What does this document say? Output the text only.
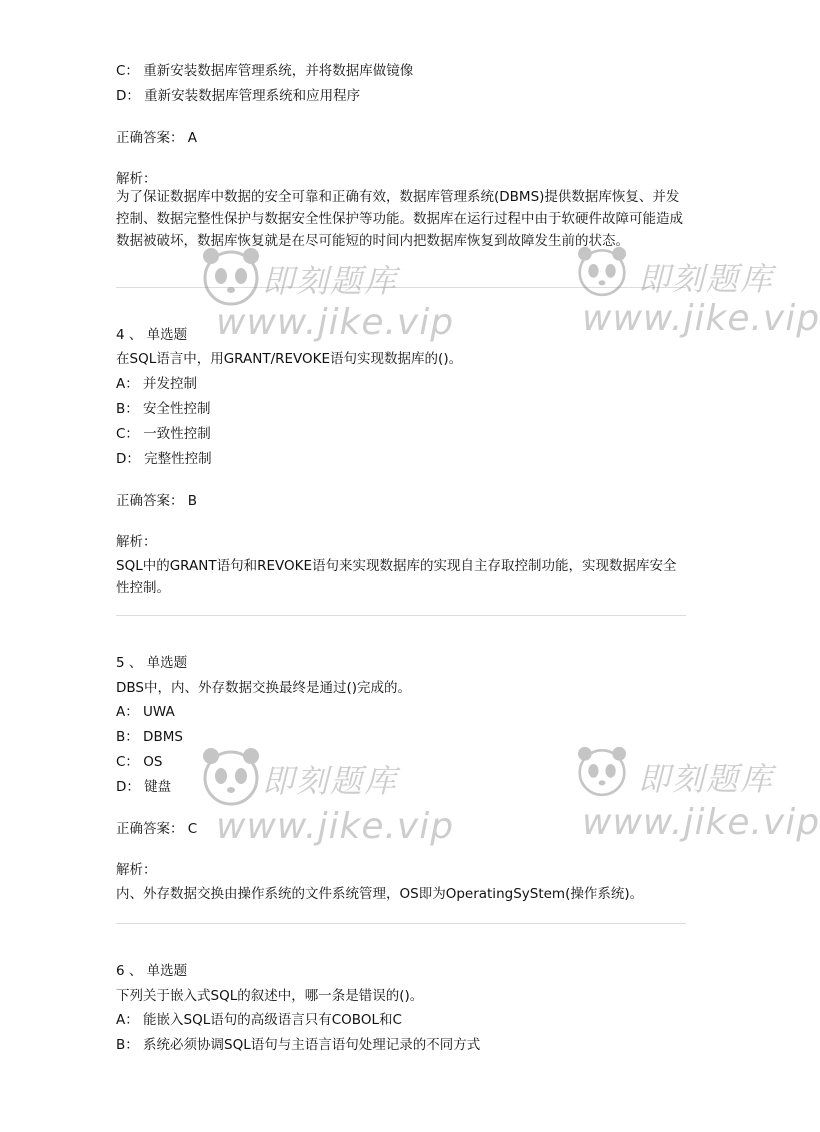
C： 重新安装数据库管理系统，并将数据库做镜像
D： 重新安装数据库管理系统和应用程序
正确答案： A
解析：
为了保证数据库中数据的安全可靠和正确有效，数据库管理系统(DBMS)提供数据库恢复、并发控制、数据完整性保护与数据安全性保护等功能。数据库在运行过程中由于软硬件故障可能造成数据被破坏，数据库恢复就是在尽可能短的时间内把数据库恢复到故障发生前的状态。
4 、 单选题
在SQL语言中，用GRANT/REVOKE语句实现数据库的()。
A： 并发控制
B： 安全性控制
C： 一致性控制
D： 完整性控制
正确答案： B
解析：
SQL中的GRANT语句和REVOKE语句来实现数据库的实现自主存取控制功能，实现数据库安全性控制。
5 、 单选题
DBS中，内、外存数据交换最终是通过()完成的。
A： UWA
B： DBMS
C： OS
D： 键盘
正确答案： C
解析：
内、外存数据交换由操作系统的文件系统管理，OS即为OperatingSyStem(操作系统)。
6 、 单选题
下列关于嵌入式SQL的叙述中，哪一条是错误的()。
A： 能嵌入SQL语句的高级语言只有COBOL和C
B： 系统必须协调SQL语句与主语言语句处理记录的不同方式
即刻题库
www.jike.vip
即刻题库
www.jike.vip
即刻题库
www.jike.vip
即刻题库
www.jike.vip
